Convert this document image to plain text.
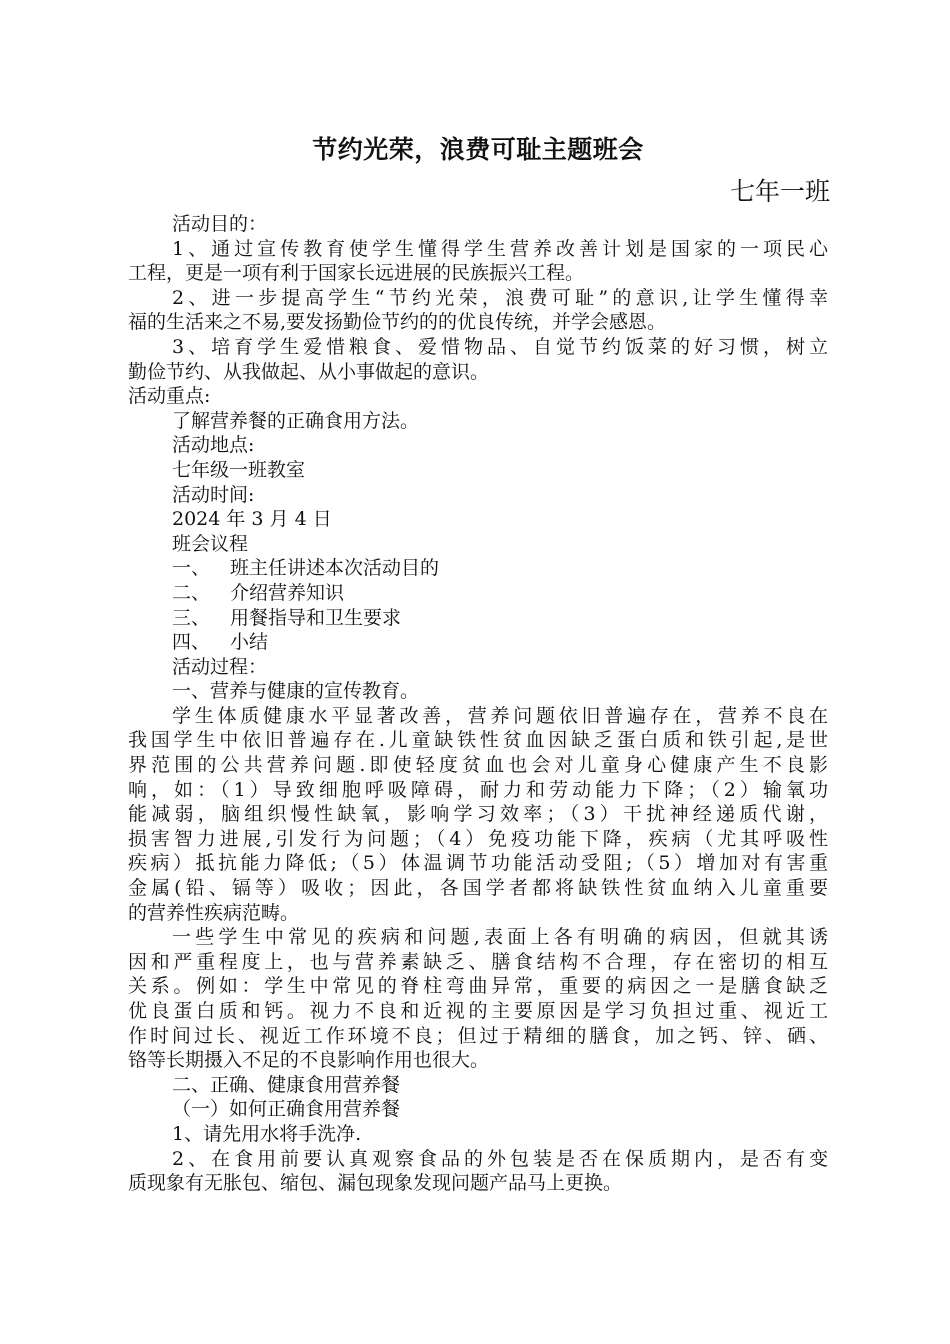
节约光荣，浪费可耻主题班会
七年一班
活动目的：
1、通过宣传教育使学生懂得学生营养改善计划是国家的一项民心
工程，更是一项有利于国家长远进展的民族振兴工程。
2、进一步提高学生“节约光荣，浪费可耻”的意识,让学生懂得幸
福的生活来之不易,要发扬勤俭节约的的优良传统，并学会感恩。
3、培育学生爱惜粮食、爱惜物品、自觉节约饭菜的好习惯，树立
勤俭节约、从我做起、从小事做起的意识。
活动重点:
了解营养餐的正确食用方法。
活动地点:
七年级一班教室
活动时间:
2024 年 3 月 4 日
班会议程
一、 班主任讲述本次活动目的
二、 介绍营养知识
三、 用餐指导和卫生要求
四、 小结
活动过程：
一、营养与健康的宣传教育。
学生体质健康水平显著改善，营养问题依旧普遍存在，营养不良在
我国学生中依旧普遍存在.儿童缺铁性贫血因缺乏蛋白质和铁引起,是世
界范围的公共营养问题.即使轻度贫血也会对儿童身心健康产生不良影
响，如：（1）导致细胞呼吸障碍，耐力和劳动能力下降；（2）输氧功
能减弱，脑组织慢性缺氧，影响学习效率；（3）干扰神经递质代谢，
损害智力进展,引发行为问题；（4）免疫功能下降，疾病（尤其呼吸性
疾病）抵抗能力降低;（5）体温调节功能活动受阻;（5）增加对有害重
金属(铅、镉等）吸收；因此，各国学者都将缺铁性贫血纳入儿童重要
的营养性疾病范畴。
一些学生中常见的疾病和问题,表面上各有明确的病因，但就其诱
因和严重程度上，也与营养素缺乏、膳食结构不合理，存在密切的相互
关系。例如：学生中常见的脊柱弯曲异常，重要的病因之一是膳食缺乏
优良蛋白质和钙。视力不良和近视的主要原因是学习负担过重、视近工
作时间过长、视近工作环境不良；但过于精细的膳食，加之钙、锌、硒、
铬等长期摄入不足的不良影响作用也很大。
二、正确、健康食用营养餐
（一）如何正确食用营养餐
1、请先用水将手洗净.
2、在食用前要认真观察食品的外包装是否在保质期内，是否有变
质现象有无胀包、缩包、漏包现象发现问题产品马上更换。
